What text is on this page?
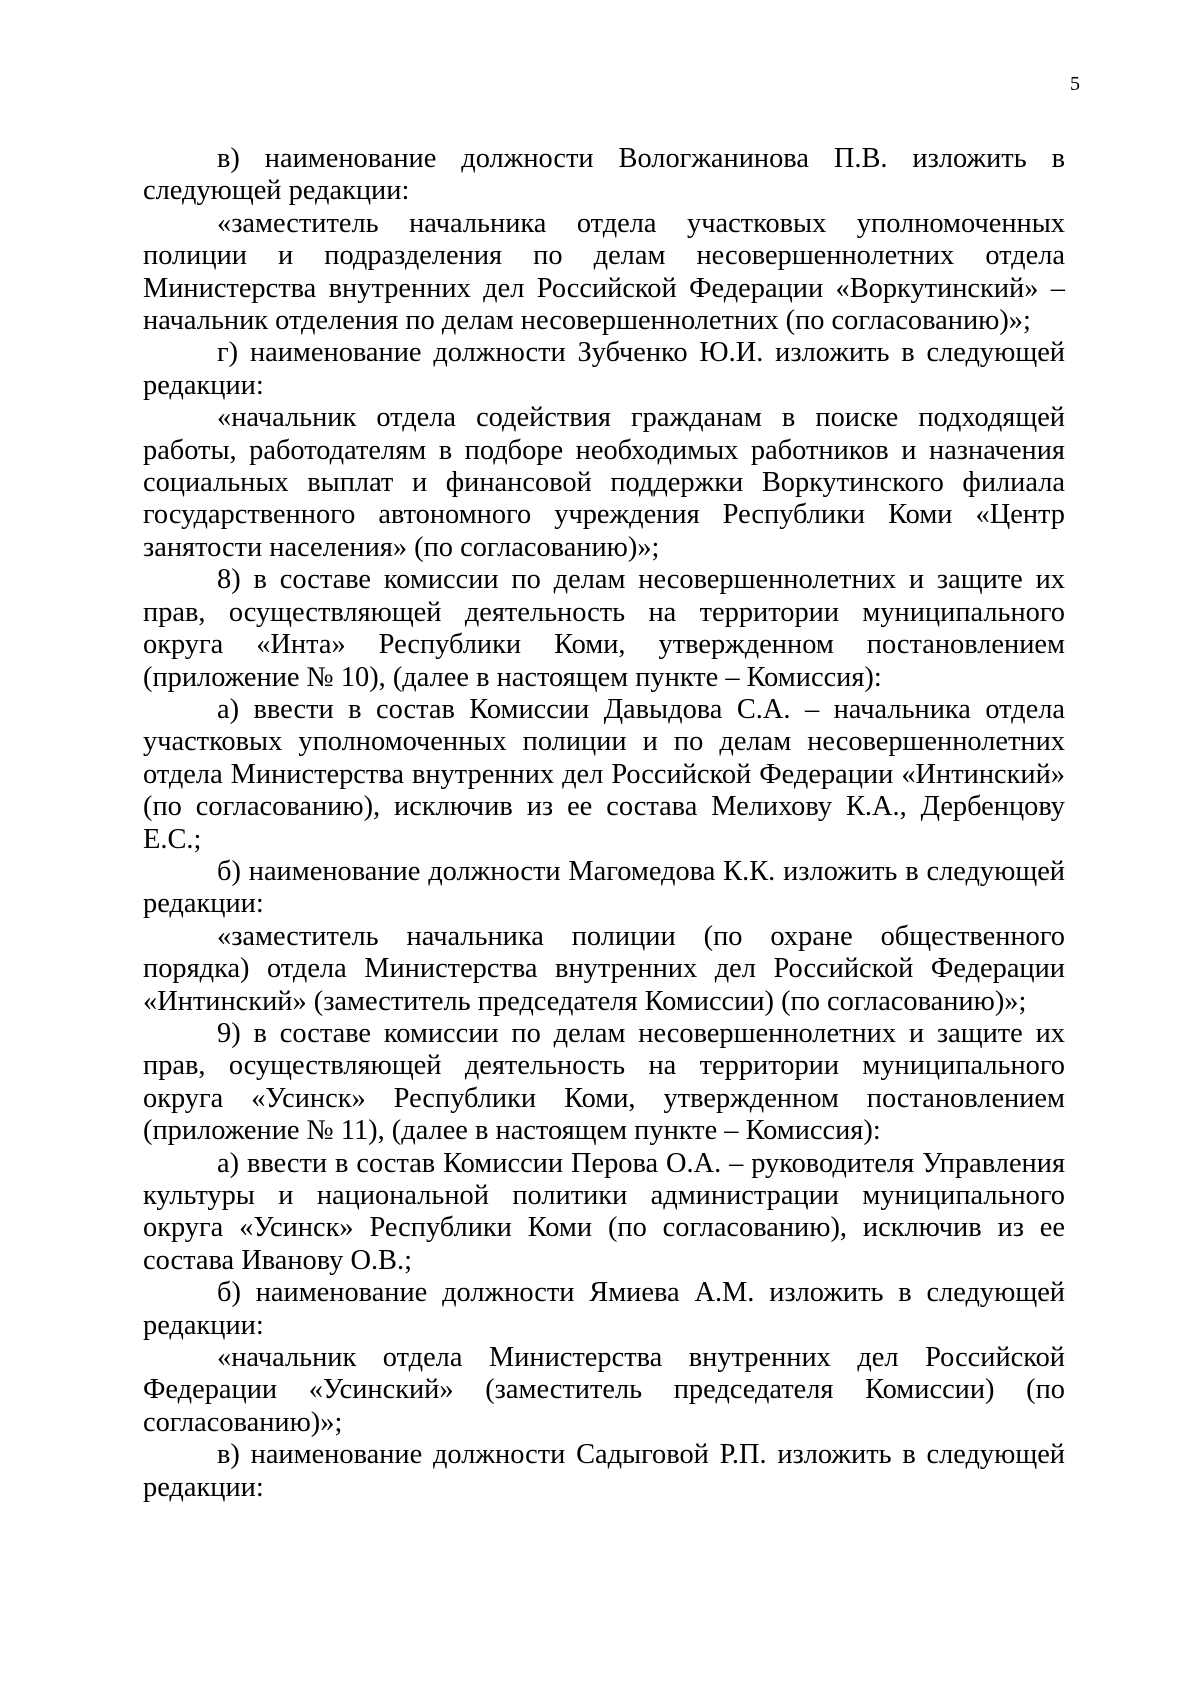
5

в) наименование должности Вологжанинова П.В. изложить в следующей редакции:

«заместитель начальника отдела участковых уполномоченных полиции и подразделения по делам несовершеннолетних отдела Министерства внутренних дел Российской Федерации «Воркутинский» – начальник отделения по делам несовершеннолетних (по согласованию)»;

г) наименование должности Зубченко Ю.И. изложить в следующей редакции:

«начальник отдела содействия гражданам в поиске подходящей работы, работодателям в подборе необходимых работников и назначения социальных выплат и финансовой поддержки Воркутинского филиала государственного автономного учреждения Республики Коми «Центр занятости населения» (по согласованию)»;

8) в составе комиссии по делам несовершеннолетних и защите их прав, осуществляющей деятельность на территории муниципального округа «Инта» Республики Коми, утвержденном постановлением (приложение № 10), (далее в настоящем пункте – Комиссия):

а) ввести в состав Комиссии Давыдова С.А. – начальника отдела участковых уполномоченных полиции и по делам несовершеннолетних отдела Министерства внутренних дел Российской Федерации «Интинский» (по согласованию), исключив из ее состава Мелихову К.А., Дербенцову Е.С.;

б) наименование должности Магомедова К.К. изложить в следующей редакции:

«заместитель начальника полиции (по охране общественного порядка) отдела Министерства внутренних дел Российской Федерации «Интинский» (заместитель председателя Комиссии) (по согласованию)»;

9) в составе комиссии по делам несовершеннолетних и защите их прав, осуществляющей деятельность на территории муниципального округа «Усинск» Республики Коми, утвержденном постановлением (приложение № 11), (далее в настоящем пункте – Комиссия):

а) ввести в состав Комиссии Перова О.А. – руководителя Управления культуры и национальной политики администрации муниципального округа «Усинск» Республики Коми (по согласованию), исключив из ее состава Иванову О.В.;

б) наименование должности Ямиева А.М. изложить в следующей редакции:

«начальник отдела Министерства внутренних дел Российской Федерации «Усинский» (заместитель председателя Комиссии) (по согласованию)»;

в) наименование должности Садыговой Р.П. изложить в следующей редакции:
